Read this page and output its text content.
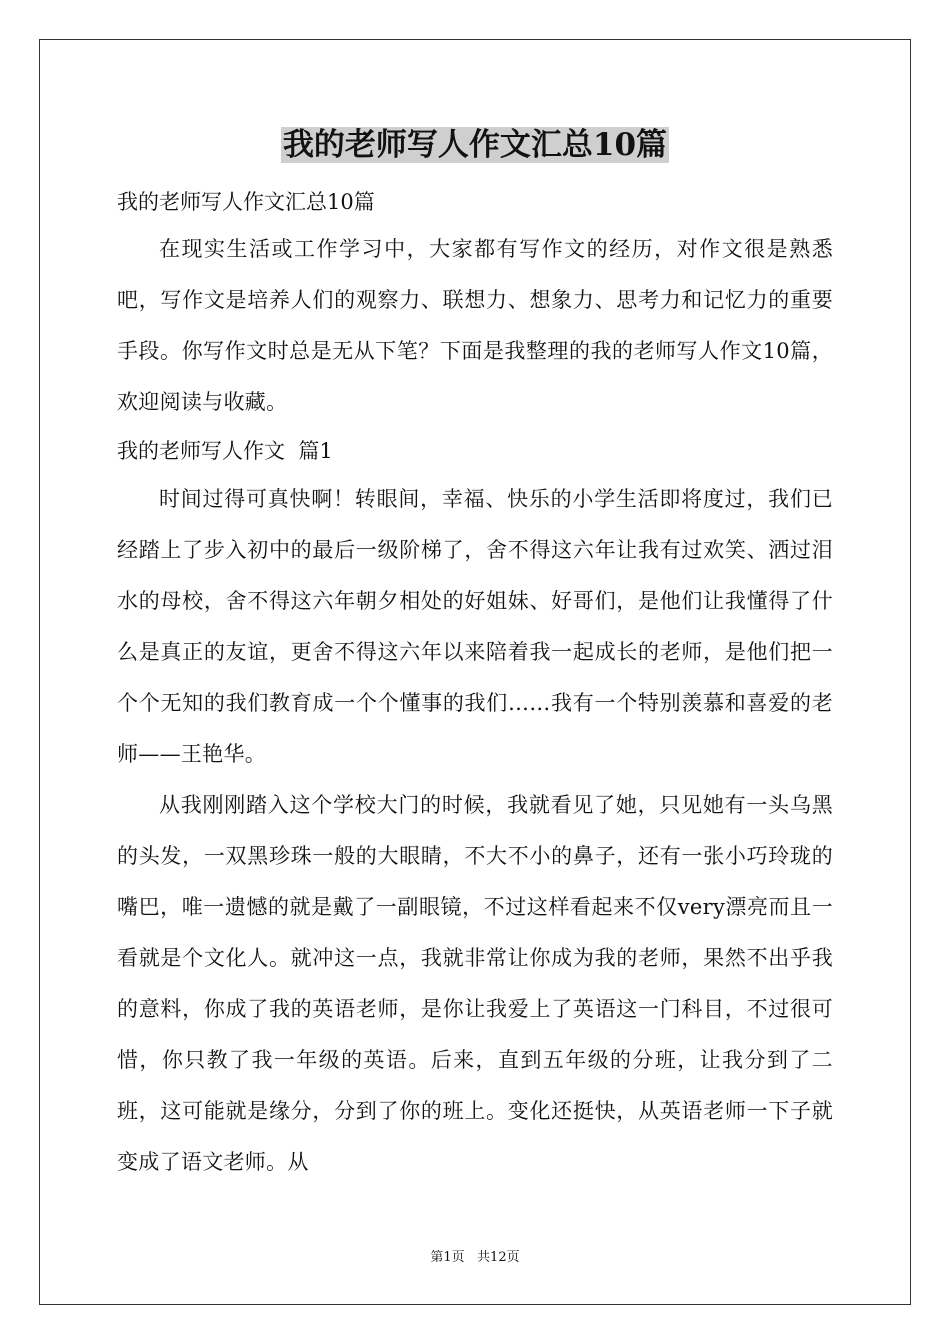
我的老师写人作文汇总10篇

我的老师写人作文汇总10篇

在现实生活或工作学习中，大家都有写作文的经历，对作文很是熟悉吧，写作文是培养人们的观察力、联想力、想象力、思考力和记忆力的重要手段。你写作文时总是无从下笔？下面是我整理的我的老师写人作文10篇，欢迎阅读与收藏。

我的老师写人作文  篇1

时间过得可真快啊！转眼间，幸福、快乐的小学生活即将度过，我们已经踏上了步入初中的最后一级阶梯了，舍不得这六年让我有过欢笑、洒过泪水的母校，舍不得这六年朝夕相处的好姐妹、好哥们，是他们让我懂得了什么是真正的友谊，更舍不得这六年以来陪着我一起成长的老师，是他们把一个个无知的我们教育成一个个懂事的我们……我有一个特别羡慕和喜爱的老师——王艳华。

从我刚刚踏入这个学校大门的时候，我就看见了她，只见她有一头乌黑的头发，一双黑珍珠一般的大眼睛，不大不小的鼻子，还有一张小巧玲珑的嘴巴，唯一遗憾的就是戴了一副眼镜，不过这样看起来不仅very漂亮而且一看就是个文化人。就冲这一点，我就非常让你成为我的老师，果然不出乎我的意料，你成了我的英语老师，是你让我爱上了英语这一门科目，不过很可惜，你只教了我一年级的英语。后来，直到五年级的分班，让我分到了二班，这可能就是缘分，分到了你的班上。变化还挺快，从英语老师一下子就变成了语文老师。从

第1页   共12页
